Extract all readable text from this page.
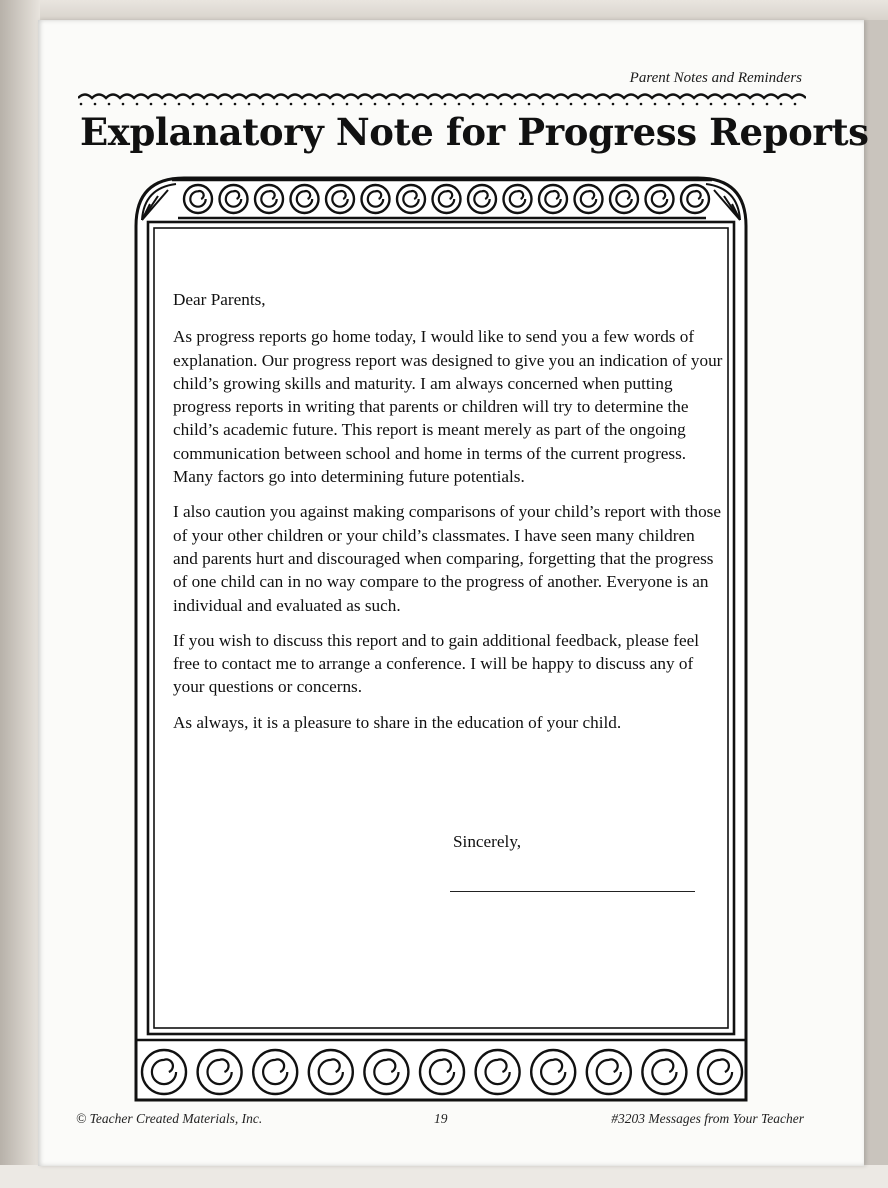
Parent Notes and Reminders
Explanatory Note for Progress Reports

Dear Parents,

As progress reports go home today, I would like to send you a few words of explanation. Our progress report was designed to give you an indication of your child’s growing skills and maturity. I am always concerned when putting progress reports in writing that parents or children will try to determine the child’s academic future. This report is meant merely as part of the ongoing communication between school and home in terms of the current progress. Many factors go into determining future potentials.

I also caution you against making comparisons of your child’s report with those of your other children or your child’s classmates. I have seen many children and parents hurt and discouraged when comparing, forgetting that the progress of one child can in no way compare to the progress of another. Everyone is an individual and evaluated as such.

If you wish to discuss this report and to gain additional feedback, please feel free to contact me to arrange a conference. I will be happy to discuss any of your questions or concerns.

As always, it is a pleasure to share in the education of your child.

Sincerely,
© Teacher Created Materials, Inc.	19	#3203 Messages from Your Teacher
